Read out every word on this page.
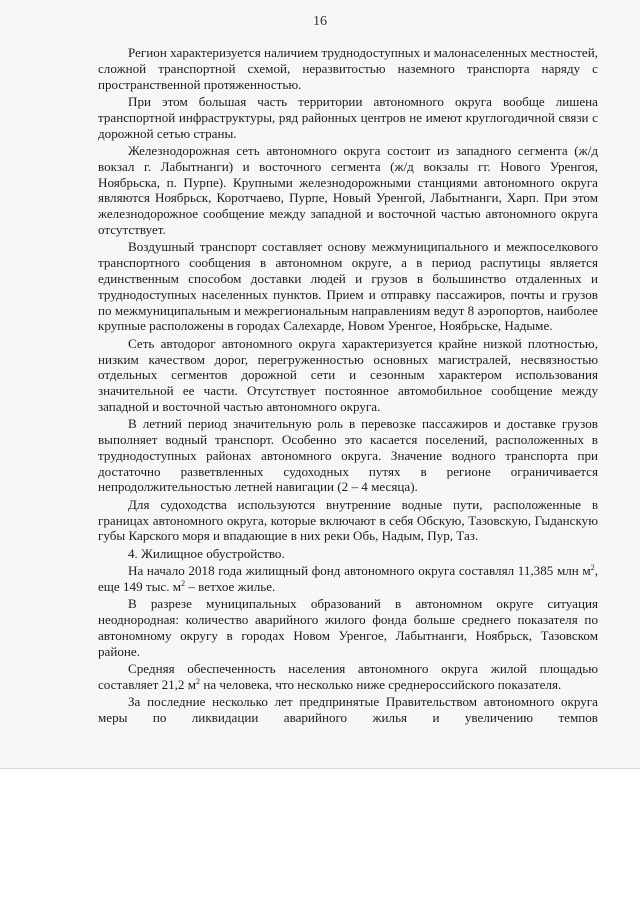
16

Регион характеризуется наличием труднодоступных и малонаселенных местностей, сложной транспортной схемой, неразвитостью наземного транспорта наряду с пространственной протяженностью.

При этом большая часть территории автономного округа вообще лишена транспортной инфраструктуры, ряд районных центров не имеют круглогодичной связи с дорожной сетью страны.

Железнодорожная сеть автономного округа состоит из западного сегмента (ж/д вокзал г. Лабытнанги) и восточного сегмента (ж/д вокзалы гг. Нового Уренгоя, Ноябрьска, п. Пурпе). Крупными железнодорожными станциями автономного округа являются Ноябрьск, Коротчаево, Пурпе, Новый Уренгой, Лабытнанги, Харп. При этом железнодорожное сообщение между западной и восточной частью автономного округа отсутствует.

Воздушный транспорт составляет основу межмуниципального и межпоселкового транспортного сообщения в автономном округе, а в период распутицы является единственным способом доставки людей и грузов в большинство отдаленных и труднодоступных населенных пунктов. Прием и отправку пассажиров, почты и грузов по межмуниципальным и межрегиональным направлениям ведут 8 аэропортов, наиболее крупные расположены в городах Салехарде, Новом Уренгое, Ноябрьске, Надыме.

Сеть автодорог автономного округа характеризуется крайне низкой плотностью, низким качеством дорог, перегруженностью основных магистралей, несвязностью отдельных сегментов дорожной сети и сезонным характером использования значительной ее части. Отсутствует постоянное автомобильное сообщение между западной и восточной частью автономного округа.

В летний период значительную роль в перевозке пассажиров и доставке грузов выполняет водный транспорт. Особенно это касается поселений, расположенных в труднодоступных районах автономного округа. Значение водного транспорта при достаточно разветвленных судоходных путях в регионе ограничивается непродолжительностью летней навигации (2 – 4 месяца).

Для судоходства используются внутренние водные пути, расположенные в границах автономного округа, которые включают в себя Обскую, Тазовскую, Гыданскую губы Карского моря и впадающие в них реки Обь, Надым, Пур, Таз.

4. Жилищное обустройство.

На начало 2018 года жилищный фонд автономного округа составлял 11,385 млн $м^2$, еще 149 тыс. $м^2$ – ветхое жилье.

В разрезе муниципальных образований в автономном округе ситуация неоднородная: количество аварийного жилого фонда больше среднего показателя по автономному округу в городах Новом Уренгое, Лабытнанги, Ноябрьск, Тазовском районе.

Средняя обеспеченность населения автономного округа жилой площадью составляет 21,2 $м^2$ на человека, что несколько ниже среднероссийского показателя.

За последние несколько лет предпринятые Правительством автономного округа меры по ликвидации аварийного жилья и увеличению темпов
